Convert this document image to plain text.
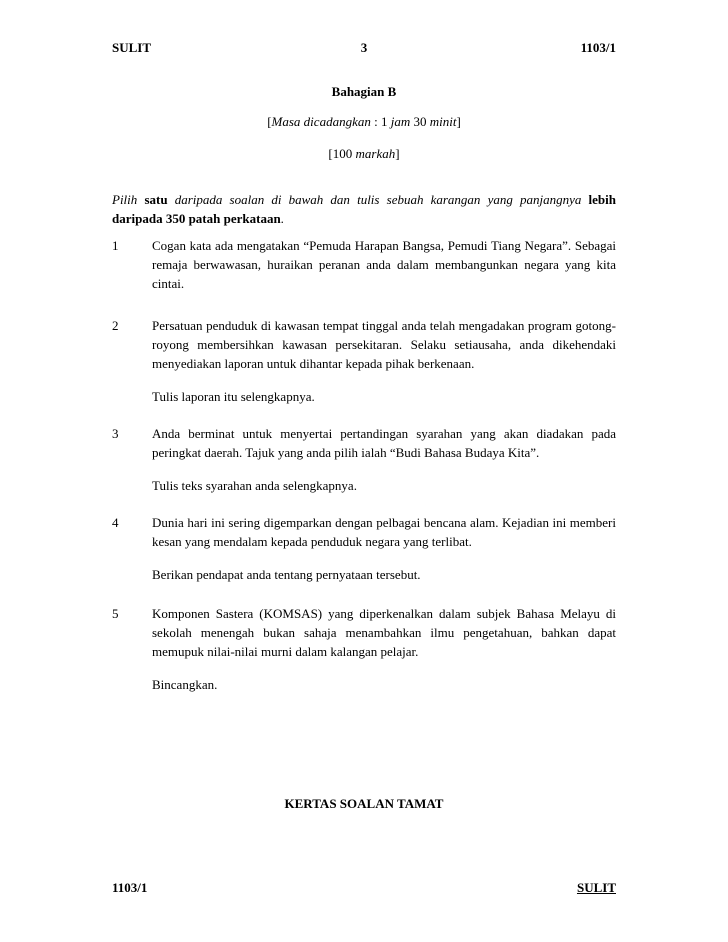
SULIT	3	1103/1
Bahagian B
[Masa dicadangkan : 1 jam 30 minit]
[100 markah]
Pilih satu daripada soalan di bawah dan tulis sebuah karangan yang panjangnya lebih daripada 350 patah perkataan.
1	Cogan kata ada mengatakan “Pemuda Harapan Bangsa, Pemudi Tiang Negara”. Sebagai remaja berwawasan, huraikan peranan anda dalam membangunkan negara yang kita cintai.

2	Persatuan penduduk di kawasan tempat tinggal anda telah mengadakan program gotong-royong membersihkan kawasan persekitaran. Selaku setiausaha, anda dikehendaki menyediakan laporan untuk dihantar kepada pihak berkenaan.

Tulis laporan itu selengkapnya.

3	Anda berminat untuk menyertai pertandingan syarahan yang akan diadakan pada peringkat daerah. Tajuk yang anda pilih ialah “Budi Bahasa Budaya Kita”.

Tulis teks syarahan anda selengkapnya.

4	Dunia hari ini sering digemparkan dengan pelbagai bencana alam. Kejadian ini memberi kesan yang mendalam kepada penduduk negara yang terlibat.

Berikan pendapat anda tentang pernyataan tersebut.

5	Komponen Sastera (KOMSAS) yang diperkenalkan dalam subjek Bahasa Melayu di sekolah menengah bukan sahaja menambahkan ilmu pengetahuan, bahkan dapat memupuk nilai-nilai murni dalam kalangan pelajar.

Bincangkan.

KERTAS SOALAN TAMAT
1103/1	SULIT
